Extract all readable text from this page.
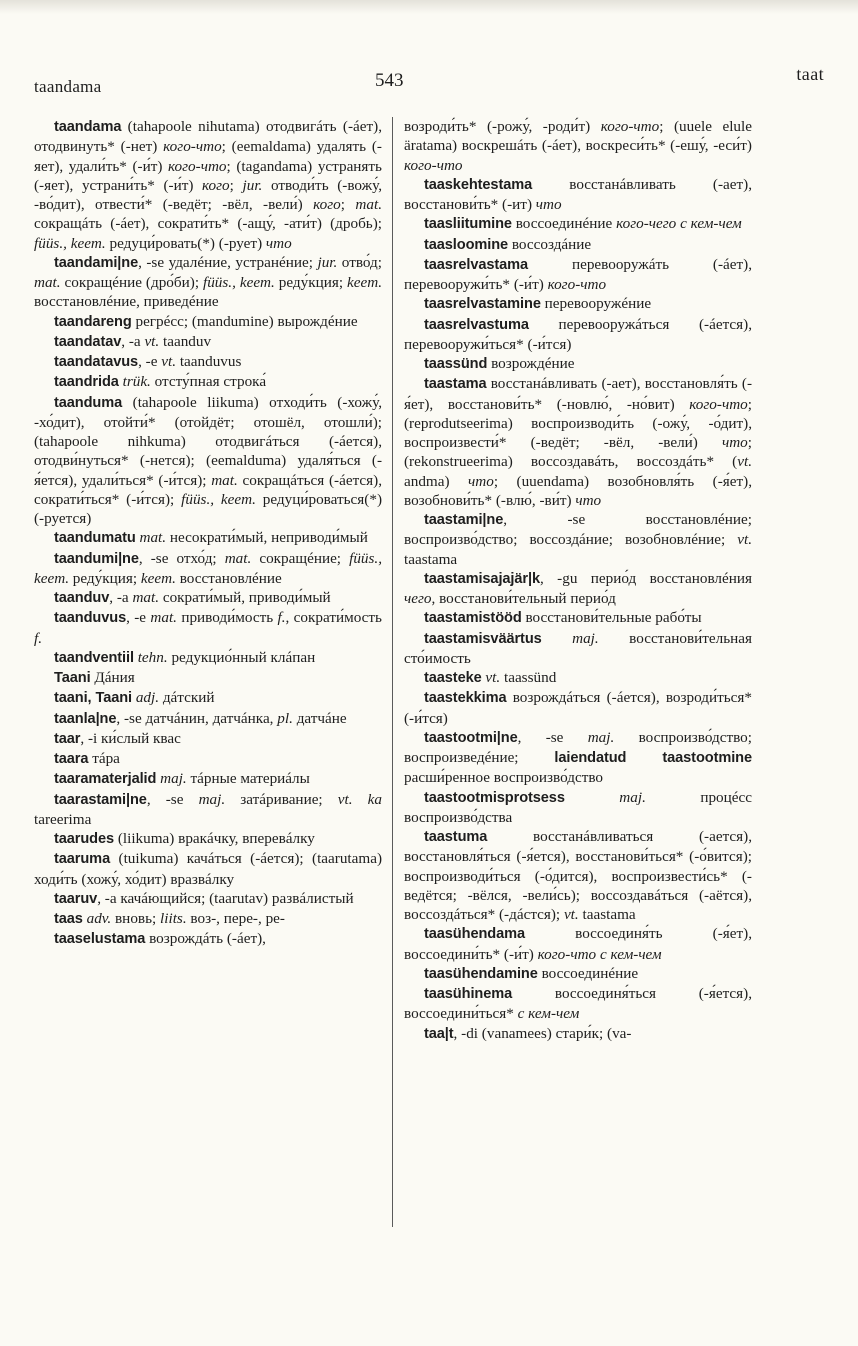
taandama	543	taat

taandama (tahapoole nihutama) отодвигáть (-áет), отодвинуть* (-нет) кого-что; (eemaldama) удалять (-яет), удали́ть* (-и́т) кого-что; (tagandama) устранять (-яет), устрани́ть* (-и́т) кого; jur. отводи́ть (-вожу́, -во́дит), отвести́* (-ведёт; -вёл, -вели́) кого; mat. сокращáть (-áет), сократи́ть* (-ащу́, -ати́т) (дробь); füüs., keem. редуци́ровать(*) (-рует) что

taandami|ne, -se удалéние, устранéние; jur. отво́д; mat. сокращéние (дро́би); füüs., keem. реду́кция; keem. восстановлéние, приведéние

taandareng регрéсс; (mandumine) вырождéние

taandatav, -a vt. taanduv

taandatavus, -e vt. taanduvus

taandrida trük. отсту́пная строка́

taanduma (tahapoole liikuma) отходи́ть (-хожу́, -хо́дит), отойти́* (отойдёт; отошёл, отошли́); (tahapoole nihkuma) отодвигáться (-áется), отодви́нуться* (-нется); (eemalduma) удаля́ться (-я́ется), удали́ться* (-и́тся); mat. сокращáться (-áется), сократи́ться* (-и́тся); füüs., keem. редуци́роваться(*) (-руется)

taandumatu mat. несократи́мый, неприводи́мый

taandumi|ne, -se отхо́д; mat. сокращéние; füüs., keem. реду́кция; keem. восстановлéние

taanduv, -a mat. сократи́мый, приводи́мый

taanduvus, -e mat. приводи́мость f., сократи́мость f.

taandventiil tehn. редукцио́нный клáпан

Taani Дáния

taani, Taani adj. дáтский

taanla|ne, -se датчáнин, датчáнка, pl. датчáне

taar, -i ки́слый квас

taara тáра

taaramaterjalid maj. тáрные материáлы

taarastami|ne, -se maj. затáривание; vt. ka tareerima

taarudes (liikuma) вракáчку, вперевáлку

taaruma (tuikuma) качáться (-áется); (taarutama) ходи́ть (хожу́, хо́дит) вразвáлку

taaruv, -a качáющийся; (taarutav) развáлистый

taas adv. вновь; liits. воз-, пере-, ре-

taaselustama возрождáть (-áет),

возроди́ть* (-рожу́, -роди́т) кого-что; (uuele elule äratama) воскрешáть (-áет), воскреси́ть* (-ешу́, -еси́т) кого-что

taaskehtestama восстанáвливать (-ает), восстанови́ть* (-ит) что

taasliitumine воссоединéние кого-чего с кем-чем

taasloomine воссоздáние

taasrelvastama перевооружáть (-áет), перевооружи́ть* (-и́т) кого-что

taasrelvastamine перевооружéние

taasrelvastuma перевооружáться (-áется), перевооружи́ться* (-и́тся)

taassünd возрождéние

taastama восстанáвливать (-ает), восстановля́ть (-я́ет), восстанови́ть* (-новлю́, -но́вит) кого-что; (reprodutseerima) воспроизводи́ть (-ожу́, -о́дит), воспроизвести́* (-ведёт; -вёл, -вели́) что; (rekonstrueerima) воссоздавáть, воссоздáть* (vt. andma) что; (uuendama) возобновля́ть (-я́ет), возобнови́ть* (-влю́, -ви́т) что

taastami|ne, -se восстановлéние; воспроизво́дство; воссоздáние; возобновлéние; vt. taastama

taastamisajajär|k, -gu перио́д восстановлéния чего, восстанови́тельный перио́д

taastamistööd восстанови́тельные рабо́ты

taastamisväärtus maj. восстанови́тельная сто́имость

taasteke vt. taassünd

taastekkima возрождáться (-áется), возроди́ться* (-и́тся)

taastootmi|ne, -se maj. воспроизво́дство; воспроизведéние; laiendatud taastootmine расши́ренное воспроизво́дство

taastootmisprotsess	maj. процéсс воспроизво́дства

taastuma восстанáвливаться (-ается), восстановля́ться (-я́ется), восстанови́ться* (-о́вится); воспроизводи́ться (-о́дится), воспроизвести́сь* (-ведётся; -вёлся, -вели́сь); воссоздавáться (-аётся), воссоздáться* (-дáстся); vt. taastama

taasühendama воссоединя́ть (-я́ет), воссоедини́ть* (-и́т) кого-что с кем-чем

taasühendamine воссоединéние

taasühinema воссоединя́ться (-я́ется), воссоедини́ться* с кем-чем

taa|t, -di (vanamees) стари́к; (va-
